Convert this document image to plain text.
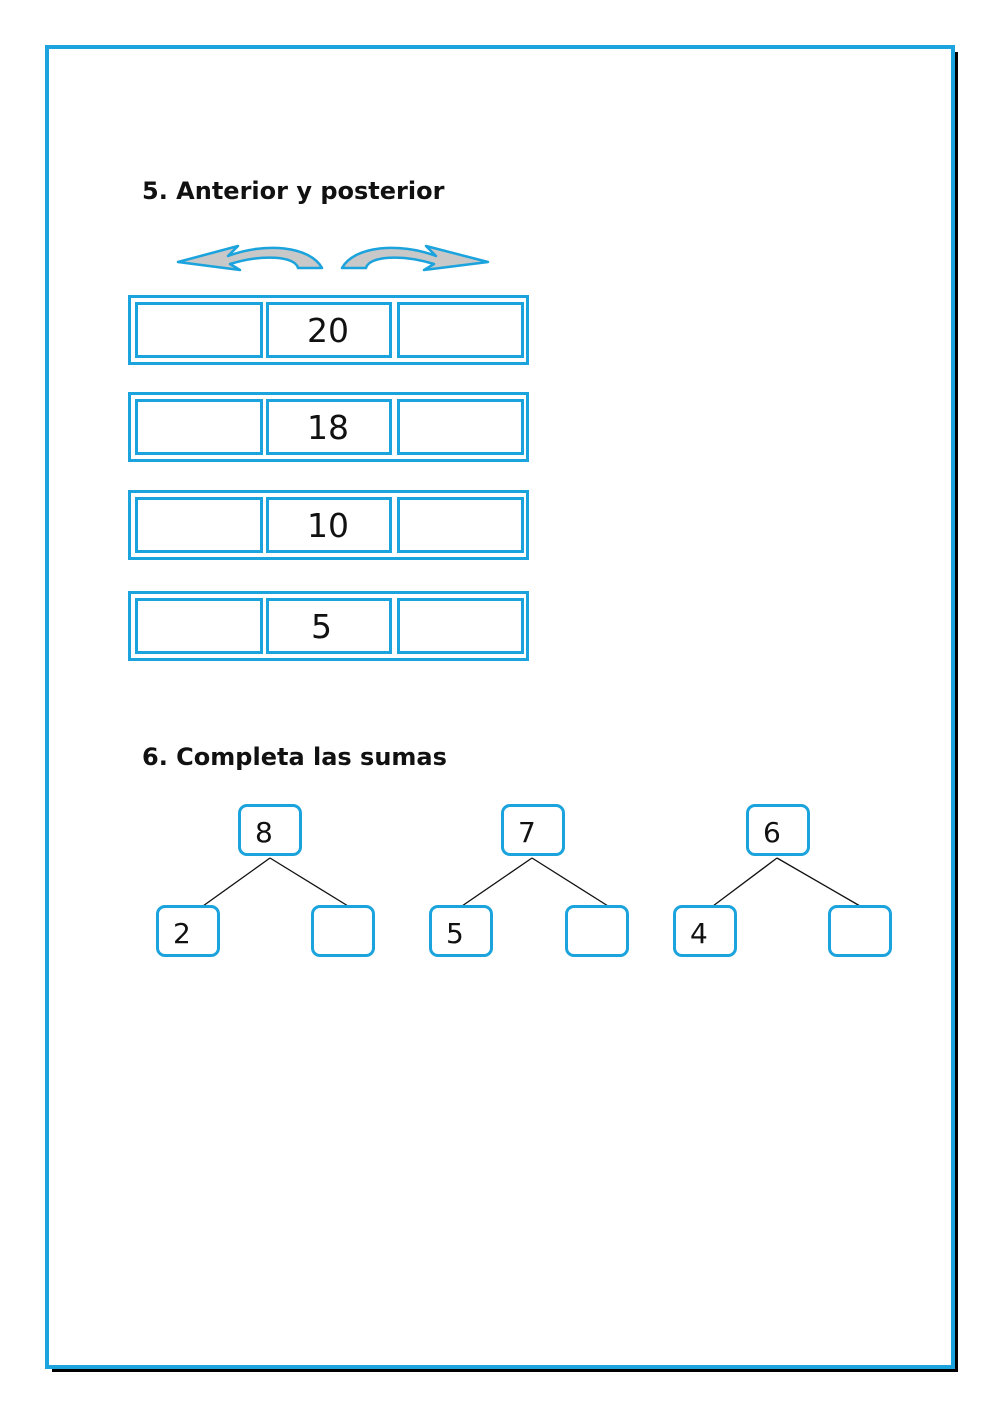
5. Anterior y posterior
20
18
10
5
6. Completa las sumas
8
2
7
5
6
4
